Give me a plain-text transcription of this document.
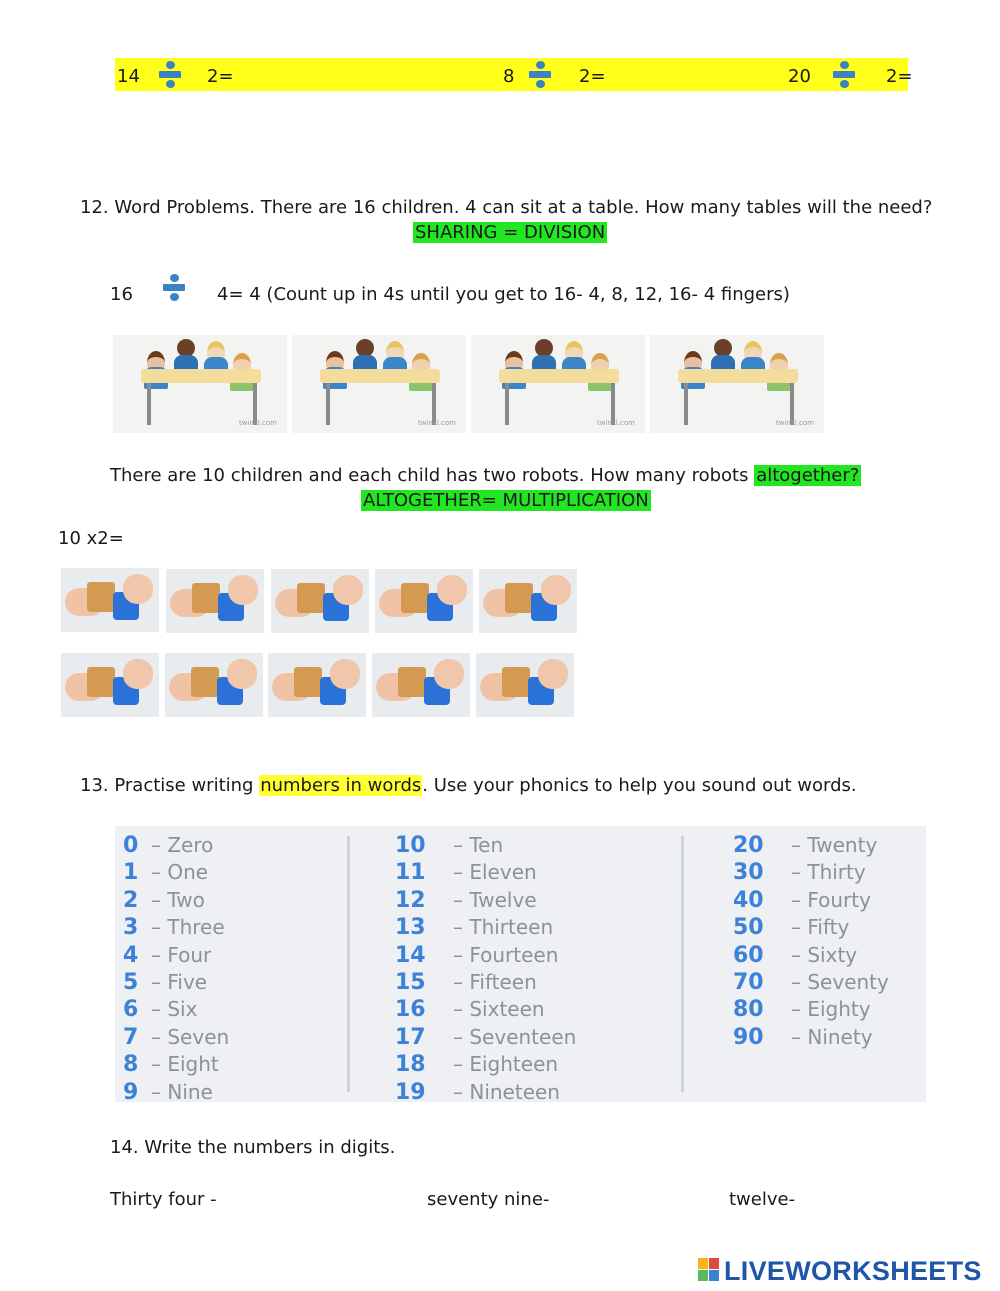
14	2=	8	2=	20	2=
12. Word Problems. There are 16 children. 4 can sit at a table. How many tables will the need?
SHARING = DIVISION
16	4= 4 (Count up in 4s until you get to 16- 4, 8, 12, 16- 4 fingers)
twinkl.com	twinkl.com	twinkl.com	twinkl.com
There are 10 children and each child has two robots. How many robots altogether?
ALTOGETHER= MULTIPLICATION
10 x2=
13. Practise writing numbers in words. Use your phonics to help you sound out words.
0 – Zero
1 – One
2 – Two
3 – Three
4 – Four
5 – Five
6 – Six
7 – Seven
8 – Eight
9 – Nine
10 – Ten
11 – Eleven
12 – Twelve
13 – Thirteen
14 – Fourteen
15 – Fifteen
16 – Sixteen
17 – Seventeen
18 – Eighteen
19 – Nineteen
20 – Twenty
30 – Thirty
40 – Fourty
50 – Fifty
60 – Sixty
70 – Seventy
80 – Eighty
90 – Ninety
14. Write the numbers in digits.
Thirty four -	seventy nine-	twelve-
LIVEWORKSHEETS
